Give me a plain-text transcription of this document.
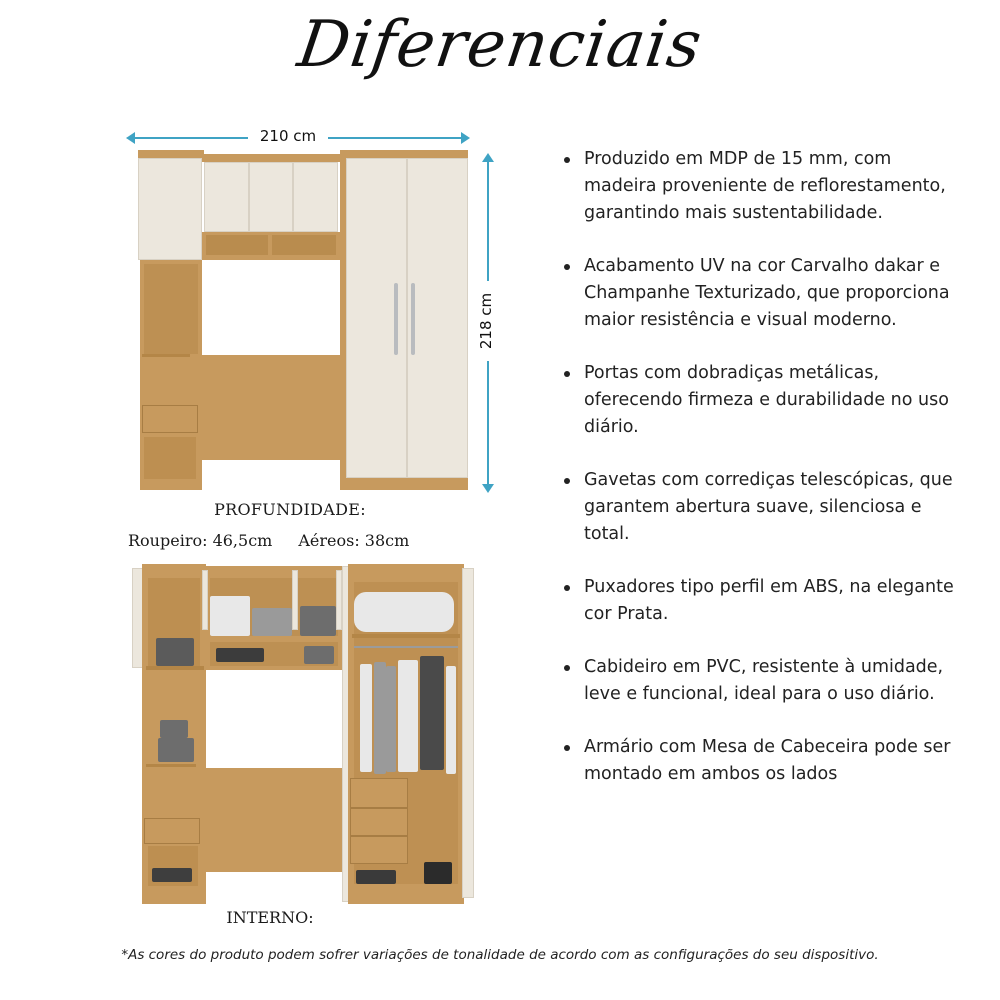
Diferenciais
210 cm
218 cm
PROFUNDIDADE:
Roupeiro: 46,5cm Aéreos: 38cm
INTERNO:
Produzido em MDP de 15 mm, com madeira proveniente de reflorestamento, garantindo mais sustentabilidade.
Acabamento UV na cor Carvalho dakar e Champanhe Texturizado, que proporciona maior resistência e visual moderno.
Portas com dobradiças metálicas, oferecendo firmeza e durabilidade no uso diário.
Gavetas com corrediças telescópicas, que garantem abertura suave, silenciosa e total.
Puxadores tipo perfil em ABS, na elegante cor Prata.
Cabideiro em PVC, resistente à umidade, leve e funcional, ideal para o uso diário.
Armário com Mesa de Cabeceira pode ser montado em ambos os lados
*As cores do produto podem sofrer variações de tonalidade de acordo com as configurações do seu dispositivo.
